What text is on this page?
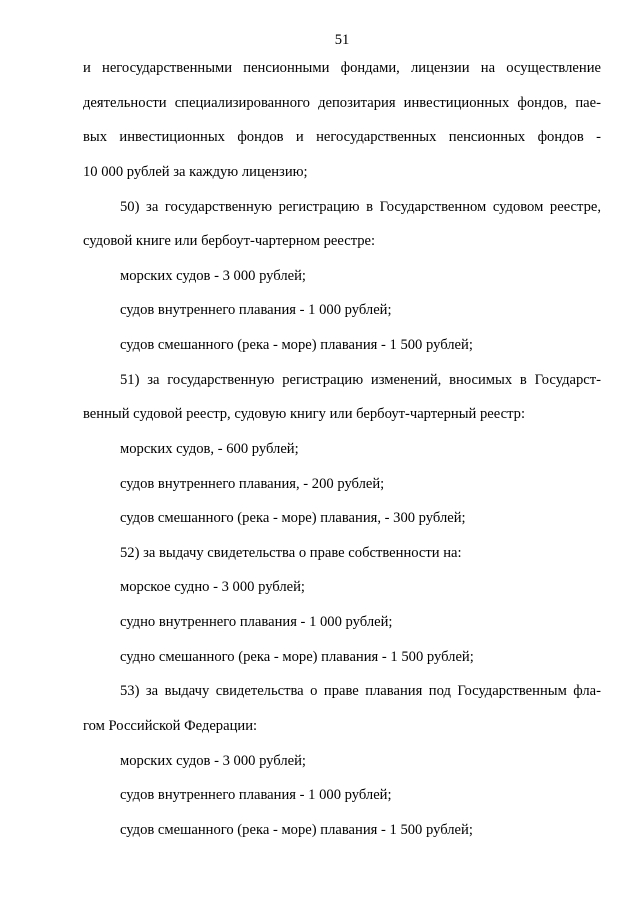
51
и негосударственными пенсионными фондами, лицензии на осуществление
деятельности специализированного депозитария инвестиционных фондов, пае-
вых инвестиционных фондов и негосударственных пенсионных фондов -
10 000 рублей за каждую лицензию;
50) за государственную регистрацию в Государственном судовом реестре,
судовой книге или бербоут-чартерном реестре:
морских судов - 3 000 рублей;
судов внутреннего плавания - 1 000 рублей;
судов смешанного (река - море) плавания - 1 500 рублей;
51) за государственную регистрацию изменений, вносимых в Государст-
венный судовой реестр, судовую книгу или бербоут-чартерный реестр:
морских судов, - 600 рублей;
судов внутреннего плавания, - 200 рублей;
судов смешанного (река - море) плавания, - 300 рублей;
52) за выдачу свидетельства о праве собственности на:
морское судно - 3 000 рублей;
судно внутреннего плавания - 1 000 рублей;
судно смешанного (река - море) плавания - 1 500 рублей;
53) за выдачу свидетельства о праве плавания под Государственным фла-
гом Российской Федерации:
морских судов - 3 000 рублей;
судов внутреннего плавания - 1 000 рублей;
судов смешанного (река - море) плавания - 1 500 рублей;
